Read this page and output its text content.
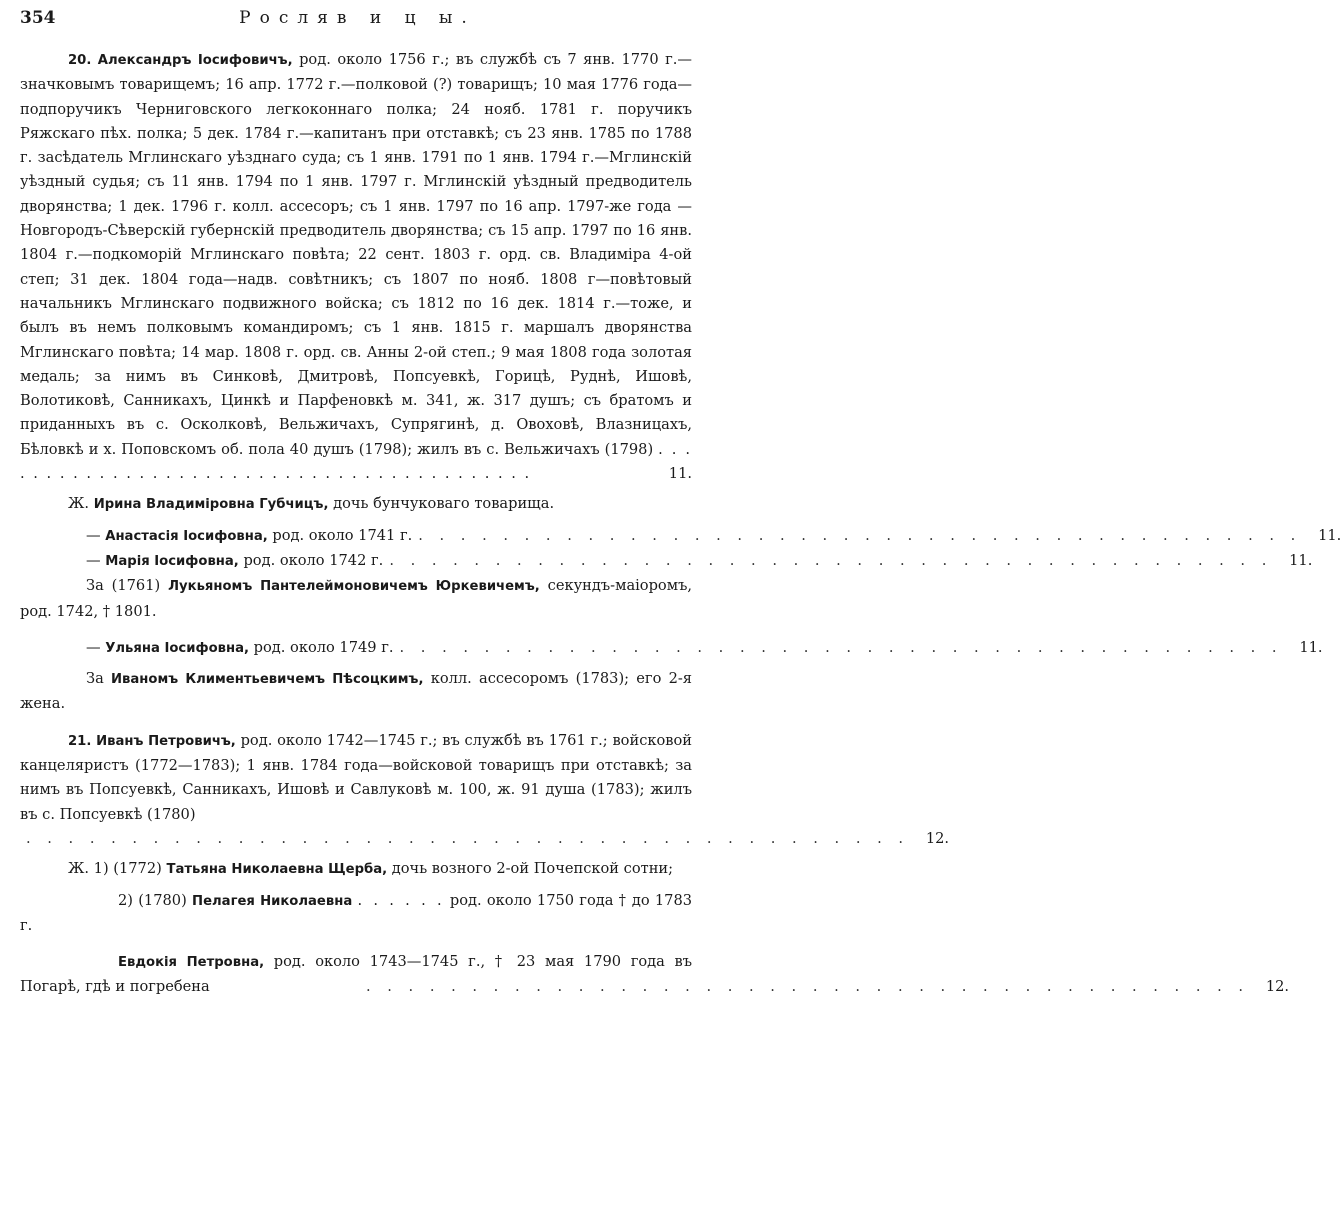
354	Росляв и ц ы.

20. Александръ Іосифовичъ, род. около 1756 г.; въ службѣ съ 7 янв. 1770 г.—значковымъ товарищемъ; 16 апр. 1772 г.—полковой (?) товарищъ; 10 мая 1776 года—подпоручикъ Черниговского легкоконнаго полка; 24 нояб. 1781 г. поручикъ Ряжскаго пѣх. полка; 5 дек. 1784 г.—капитанъ при отставкѣ; съ 23 янв. 1785 по 1788 г. засѣдатель Мглинскаго уѣзднаго суда; съ 1 янв. 1791 по 1 янв. 1794 г.—Мглинскій уѣздный судья; съ 11 янв. 1794 по 1 янв. 1797 г. Мглинскій уѣздный предводитель дворянства; 1 дек. 1796 г. колл. ассесоръ; съ 1 янв. 1797 по 16 апр. 1797-же года — Новгородъ-Сѣверскій губернскій предводитель дворянства; съ 15 апр. 1797 по 16 янв. 1804 г.—подкоморій Мглинскаго повѣта; 22 сент. 1803 г. орд. св. Владиміра 4-ой степ; 31 дек. 1804 года—надв. совѣтникъ; съ 1807 по нояб. 1808 г—повѣтовый начальникъ Мглинскаго подвижного войска; съ 1812 по 16 дек. 1814 г.—тоже, и былъ въ немъ полковымъ командиромъ; съ 1 янв. 1815 г. маршалъ дворянства Мглинскаго повѣта; 14 мар. 1808 г. орд. св. Анны 2-ой степ.; 9 мая 1808 года золотая медаль; за нимъ въ Синковѣ, Дмитровѣ, Попсуевкѣ, Горицѣ, Руднѣ, Ишовѣ, Волотиковѣ, Санникахъ, Цинкѣ и Парфеновкѣ м. 341, ж. 317 душъ; съ братомъ и приданныхъ въ с. Осколковѣ, Вельжичахъ, Супрягинѣ, д. Овоховѣ, Влазницахъ, Бѣловкѣ и х. Поповскомъ об. пола 40 душъ (1798); жилъ въ с. Вельжичахъ (1798) . . . . . . . . . . . . . . . . . . . . . . . . . . . . . . . . . . . . . . . . . .	11.

Ж. Ирина Владиміровна Губчицъ, дочь бунчуковаго товарища.

— Анастасія Іосифовна, род. около 1741 г. . . . . . . . . . . . . . . . . . . . . . . . . . . . . . . . . . . . . . . . . . .	11.
— Марія Іосифовна, род. около 1742 г. . . . . . . . . . . . . . . . . . . . . . . . . . . . . . . . . . . . . . . . . . .	11.

За (1761) Лукьяномъ Пантелеймоновичемъ Юркевичемъ, секундъ-маіоромъ, род. 1742, † 1801.

— Ульяна Іосифовна, род. около 1749 г. . . . . . . . . . . . . . . . . . . . . . . . . . . . . . . . . . . . . . . . . . .	11.

За Иваномъ Климентьевичемъ Пѣсоцкимъ, колл. ассесоромъ (1783); его 2-я жена.

21. Иванъ Петровичъ, род. около 1742—1745 г.; въ службѣ въ 1761 г.; войсковой канцеляристъ (1772—1783); 1 янв. 1784 года—войсковой товарищъ при отставкѣ; за нимъ въ Попсуевкѣ, Санникахъ, Ишовѣ и Савлуковѣ м. 100, ж. 91 душа (1783); жилъ въ с. Попсуевкѣ (1780)

. . . . . . . . . . . . . . . . . . . . . . . . . . . . . . . . . . . . . . . . . .	12.

Ж. 1) (1772) Татьяна Николаевна Щерба, дочь возного 2-ой Почепской сотни;

2) (1780) Пелагея Николаевна . . . . . . род. около 1750 года † до 1783 г.

Евдокія Петровна, род. около 1743—1745 г., † 23 мая 1790 года въ Погарѣ, гдѣ и погребена	. . . . . . . . . . . . . . . . . . . . . . . . . . . . . . . . . . . . . . . . . .	12.
